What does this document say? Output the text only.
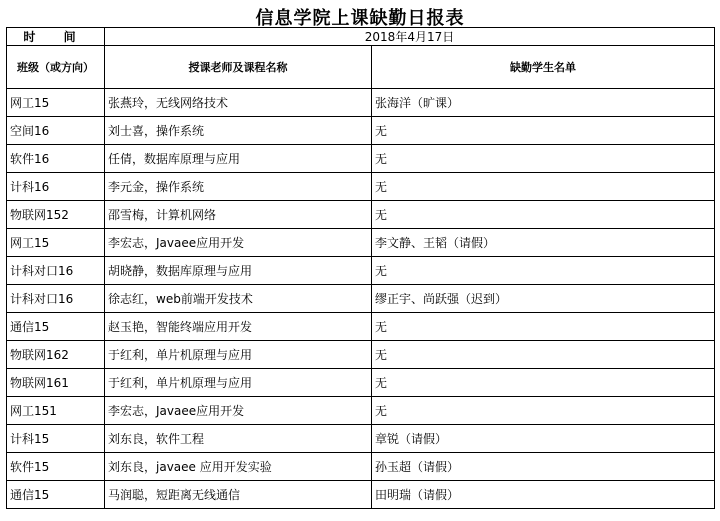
信息学院上课缺勤日报表
时 间	2018年4月17日	
班级（或方向）	授课老师及课程名称	缺勤学生名单
网工15	张燕玲，无线网络技术	张海洋（旷课）
空间16	刘士喜，操作系统	无
软件16	任倩，数据库原理与应用	无
计科16	李元金，操作系统	无
物联网152	邵雪梅，计算机网络	无
网工15	李宏志，Javaee应用开发	李文静、王韬（请假）
计科对口16	胡晓静，数据库原理与应用	无
计科对口16	徐志红，web前端开发技术	缪正宇、尚跃强（迟到）
通信15	赵玉艳，智能终端应用开发	无
物联网162	于红利，单片机原理与应用	无
物联网161	于红利，单片机原理与应用	无
网工151	李宏志，Javaee应用开发	无
计科15	刘东良，软件工程	章锐（请假）
软件15	刘东良，javaee 应用开发实验	孙玉超（请假）
通信15	马润聪，短距离无线通信	田明瑞（请假）
